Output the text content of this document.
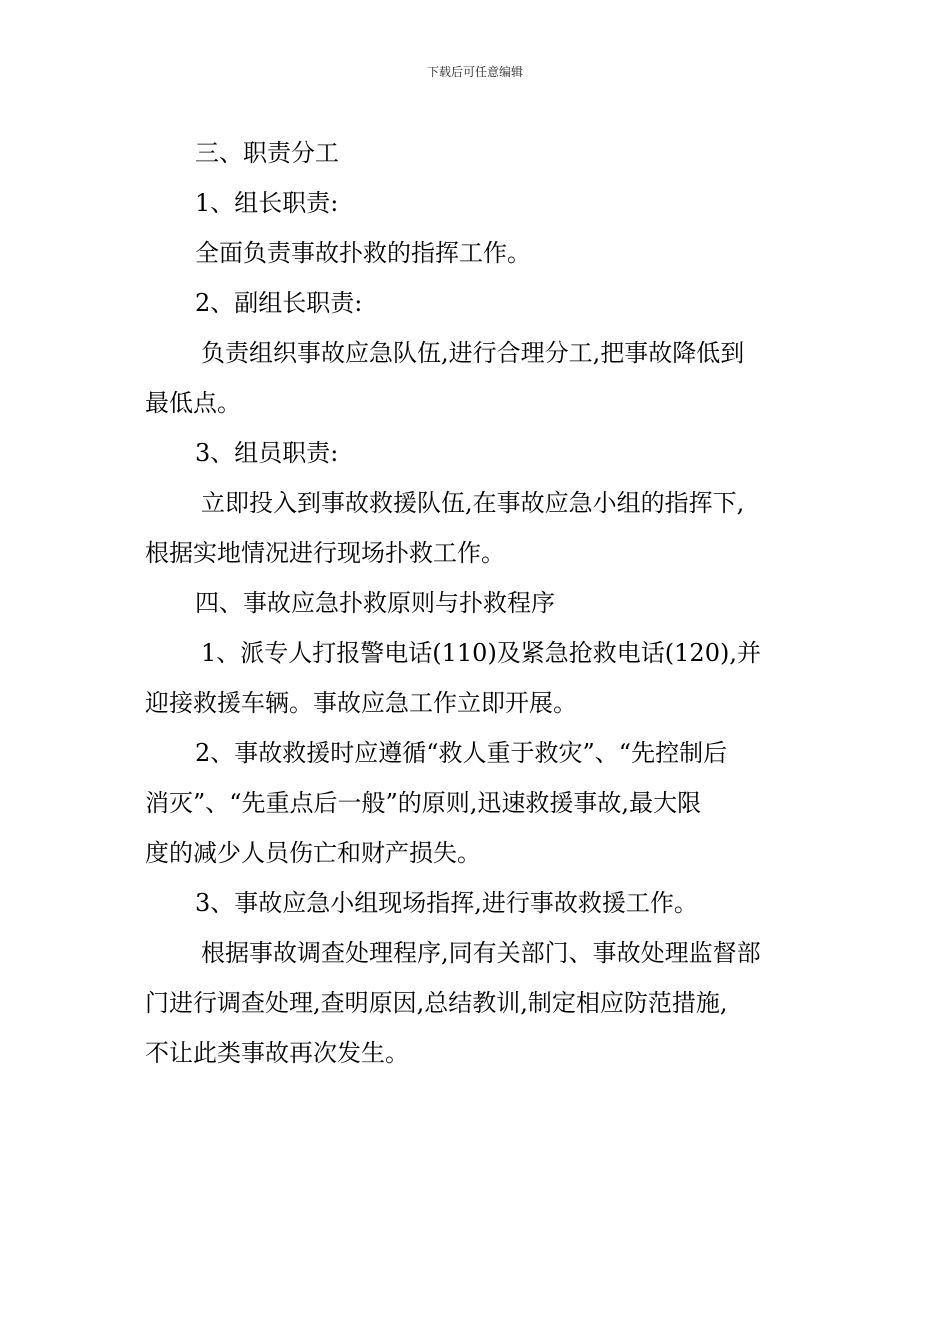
下载后可任意编辑
三、职责分工
1、组长职责:
全面负责事故扑救的指挥工作。
2、副组长职责:
负责组织事故应急队伍,进行合理分工,把事故降低到
最低点。
3、组员职责:
立即投入到事故救援队伍,在事故应急小组的指挥下,
根据实地情况进行现场扑救工作。
四、事故应急扑救原则与扑救程序
1、派专人打报警电话(110)及紧急抢救电话(120),并
迎接救援车辆。事故应急工作立即开展。
2、事故救援时应遵循“救人重于救灾”、“先控制后
消灭”、“先重点后一般”的原则,迅速救援事故,最大限
度的减少人员伤亡和财产损失。
3、事故应急小组现场指挥,进行事故救援工作。
根据事故调查处理程序,同有关部门、事故处理监督部
门进行调查处理,查明原因,总结教训,制定相应防范措施,
不让此类事故再次发生。
